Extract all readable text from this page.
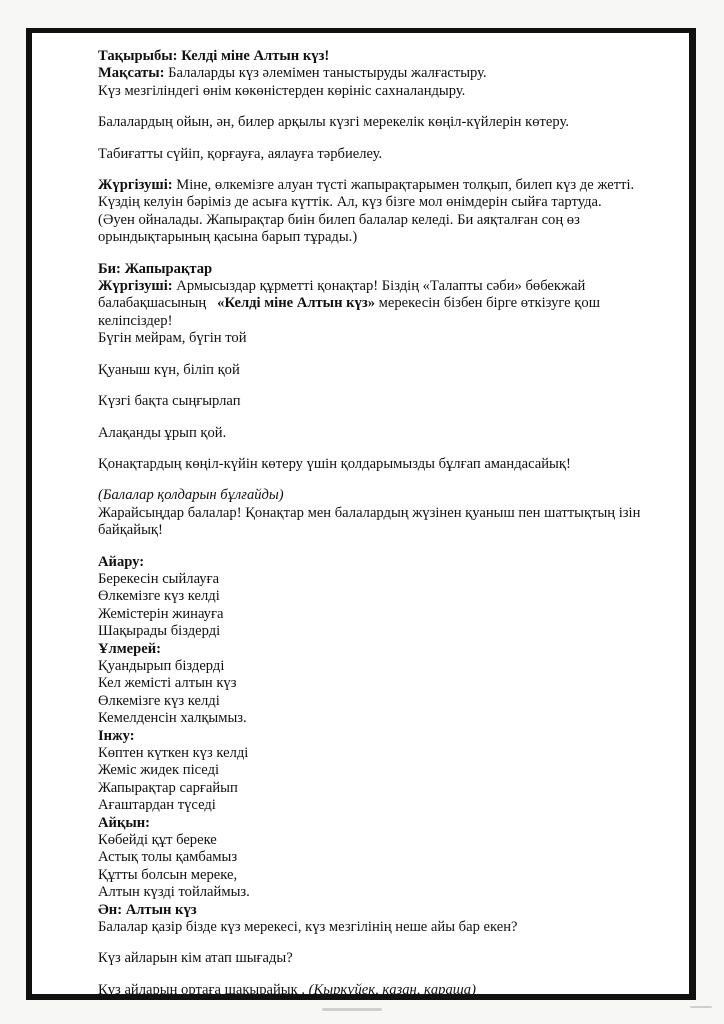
Тақырыбы: Келді міне Алтын күз!

Мақсаты: Балаларды күз әлемімен таныстыруды жалғастыру.

Күз мезгіліндегі өнім көкөністерден көрініс сахналандыру.

Балалардың ойын, ән, билер арқылы күзгі мерекелік көңіл-күйлерін көтеру.

Табиғатты сүйіп, қорғауға, аялауға тәрбиелеу.

Жүргізуші: Міне, өлкемізге алуан түсті жапырақтарымен толқып, билеп күз де жетті.

Күздің келуін бәріміз де асыға күттік. Ал, күз бізге мол өнімдерін сыйға тартуда.

(Әуен ойналады. Жапырақтар биін билеп балалар келеді. Би аяқталған соң өз

орындықтарының қасына барып тұрады.)

Би: Жапырақтар

Жүргізуші: Армысыздар құрметті қонақтар! Біздің «Талапты сәби» бөбекжай

балабақшасының «Келді міне Алтын күз» мерекесін бізбен бірге өткізуге қош

келіпсіздер!

Бүгін мейрам, бүгін той

Қуаныш күн, біліп қой

Күзгі бақта сыңғырлап

Алақанды ұрып қой.

Қонақтардың көңіл-күйін көтеру үшін қолдарымызды бұлғап амандасайық!

(Балалар қолдарын бұлғайды)

Жарайсыңдар балалар! Қонақтар мен балалардың жүзінен қуаныш пен шаттықтың ізін

байқайық!

Айару:

Берекесін сыйлауға

Өлкемізге күз келді

Жемістерін жинауға

Шақырады біздерді

Ұлмерей:

Қуандырып біздерді

Кел жемісті алтын күз

Өлкемізге күз келді

Кемелденсін халқымыз.

Інжу:

Көптен күткен күз келді

Жеміс жидек піседі

Жапырақтар сарғайып

Ағаштардан түседі

Айқын:

Көбейді құт береке

Астық толы қамбамыз

Құтты болсын мереке,

Алтын күзді тойлаймыз.

Ән: Алтын күз

Балалар қазір бізде күз мерекесі, күз мезгілінің неше айы бар екен?

Күз айларын кім атап шығады?

Күз айларын ортаға шақырайық . (Қыркүйек, қазан, қараша)
